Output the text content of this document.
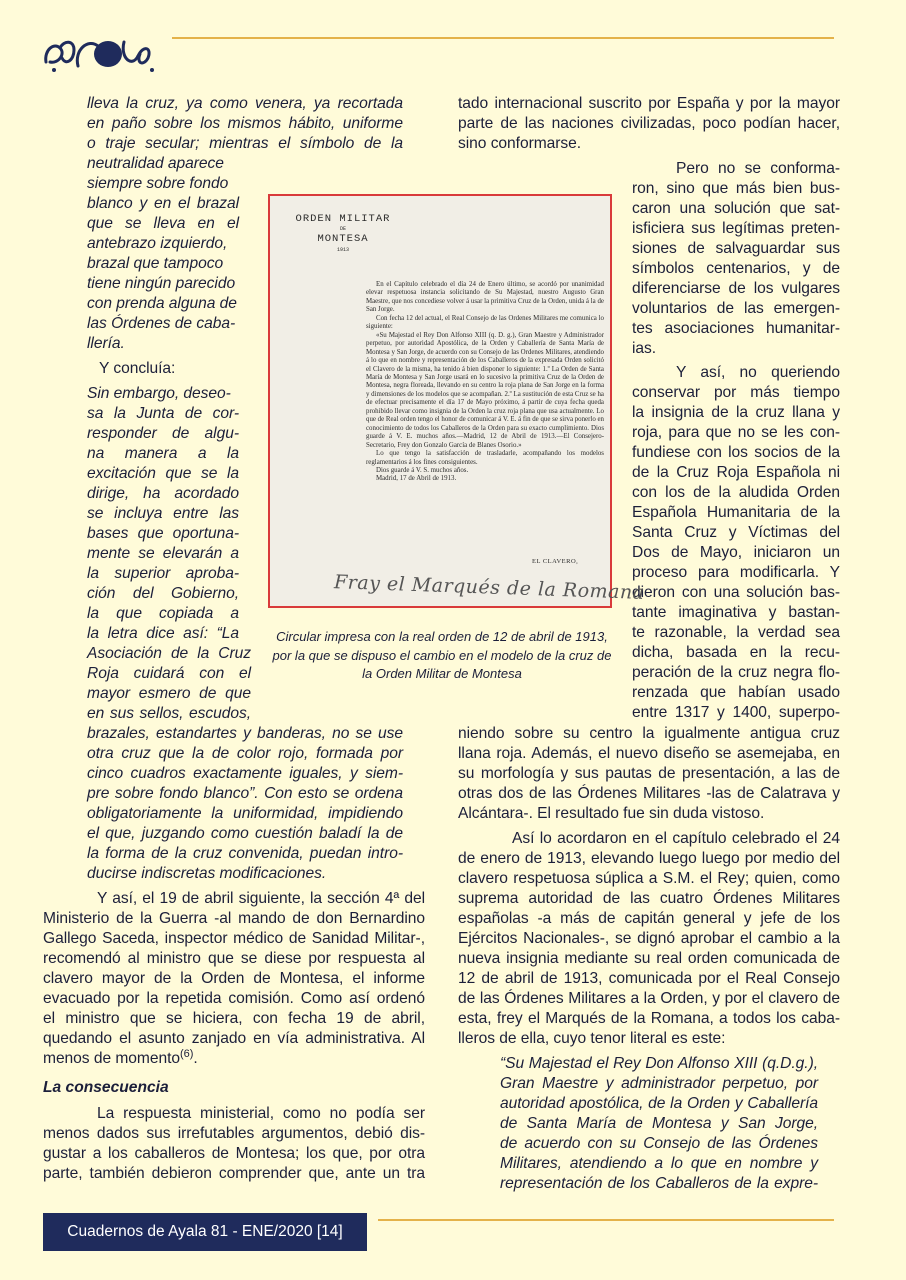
ayala
lleva la cruz, ya como venera, ya recortada
en paño sobre los mismos hábito, uniforme
o traje secular; mientras el símbolo de la
neutralidad aparece
siempre sobre fondo
blanco y en el brazal
que se lleva en el
antebrazo izquierdo,
brazal que tampoco
tiene ningún parecido
con prenda alguna de
las Órdenes de caba-
llería.
Y concluía:
Sin embargo, deseo-
sa la Junta de cor-
responder de algu-
na manera a la
excitación que se la
dirige, ha acordado
se incluya entre las
bases que oportuna-
mente se elevarán a
la superior aproba-
ción del Gobierno,
la que copiada a
la letra dice así: “La
Asociación de la Cruz
Roja cuidará con el
mayor esmero de que
en sus sellos, escudos,
brazales, estandartes y banderas, no se use
otra cruz que la de color rojo, formada por
cinco cuadros exactamente iguales, y siem-
pre sobre fondo blanco”. Con esto se ordena
obligatoriamente la uniformidad, impidiendo
el que, juzgando como cuestión baladí la de
la forma de la cruz convenida, puedan intro-
ducirse indiscretas modificaciones.
Y así, el 19 de abril siguiente, la sección 4ª del
Ministerio de la Guerra -al mando de don Bernardino
Gallego Saceda, inspector médico de Sanidad Militar-,
recomendó al ministro que se diese por respuesta al
clavero mayor de la Orden de Montesa, el informe
evacuado por la repetida comisión. Como así ordenó
el ministro que se hiciera, con fecha 19 de abril,
quedando el asunto zanjado en vía administrativa. Al
menos de momento$^{(6)}$.
La consecuencia
La respuesta ministerial, como no podía ser
menos dados sus irrefutables argumentos, debió dis-
gustar a los caballeros de Montesa; los que, por otra
parte, también debieron comprender que, ante un tra
tado internacional suscrito por España y por la mayor
parte de las naciones civilizadas, poco podían hacer,
sino conformarse.
Pero no se conforma-
ron, sino que más bien bus-
caron una solución que sat-
isficiera sus legítimas preten-
siones de salvaguardar sus
símbolos centenarios, y de
diferenciarse de los vulgares
voluntarios de las emergen-
tes asociaciones humanitar-
ias.
Y así, no queriendo
conservar por más tiempo
la insignia de la cruz llana y
roja, para que no se les con-
fundiese con los socios de la
de la Cruz Roja Española ni
con los de la aludida Orden
Española Humanitaria de la
Santa Cruz y Víctimas del
Dos de Mayo, iniciaron un
proceso para modificarla. Y
dieron con una solución bas-
tante imaginativa y bastan-
te razonable, la verdad sea
dicha, basada en la recu-
peración de la cruz negra flo-
renzada que habían usado
entre 1317 y 1400, superpo-
niendo sobre su centro la igualmente antigua cruz
llana roja. Además, el nuevo diseño se asemejaba, en
su morfología y sus pautas de presentación, a las de
otras dos de las Órdenes Militares -las de Calatrava y
Alcántara-. El resultado fue sin duda vistoso.
Así lo acordaron en el capítulo celebrado el 24
de enero de 1913, elevando luego luego por medio del
clavero respetuosa súplica a S.M. el Rey; quien, como
suprema autoridad de las cuatro Órdenes Militares
españolas -a más de capitán general y jefe de los
Ejércitos Nacionales-, se dignó aprobar el cambio a la
nueva insignia mediante su real orden comunicada de
12 de abril de 1913, comunicada por el Real Consejo
de las Órdenes Militares a la Orden, y por el clavero de
esta, frey el Marqués de la Romana, a todos los caba-
lleros de ella, cuyo tenor literal es este:
“Su Majestad el Rey Don Alfonso XIII (q.D.g.),
Gran Maestre y administrador perpetuo, por
autoridad apostólica, de la Orden y Caballería
de Santa María de Montesa y San Jorge,
de acuerdo con su Consejo de las Órdenes
Militares, atendiendo a lo que en nombre y
representación de los Caballeros de la expre-
ORDEN MILITAR
DE
MONTESA
1913

En el Capítulo celebrado el día 24 de Enero último, se acordó por unanimidad elevar respetuosa instancia solicitando de Su Majestad, nuestro Augusto Gran Maestre, que nos concediese volver á usar la primitiva Cruz de la Orden, unida á la de San Jorge.

Con fecha 12 del actual, el Real Consejo de las Ordenes Militares me comunica lo siguiente:

«Su Majestad el Rey Don Alfonso XIII (q. D. g.), Gran Maestre y Administrador perpetuo, por autoridad Apostólica, de la Orden y Caballería de Santa María de Montesa y San Jorge, de acuerdo con su Consejo de las Ordenes Militares, atendiendo á lo que en nombre y representación de los Caballeros de la expresada Orden solicitó el Clavero de la misma, ha tenido á bien disponer lo siguiente: 1.º La Orden de Santa María de Montesa y San Jorge usará en lo sucesivo la primitiva Cruz de la Orden de Montesa, negra floreada, llevando en su centro la roja plana de San Jorge en la forma y dimensiones de los modelos que se acompañan. 2.º La sustitución de esta Cruz se ha de efectuar precisamente el día 17 de Mayo próximo, á partir de cuya fecha queda prohibido llevar como insignia de la Orden la cruz roja plana que usa actualmente. Lo que de Real orden tengo el honor de comunicar á V. E. á fin de que se sirva ponerlo en conocimiento de todos los Caballeros de la Orden para su exacto cumplimiento. Dios guarde á V. E. muchos años.—Madrid, 12 de Abril de 1913.—El Consejero-Secretario, Frey don Gonzalo García de Blanes Osorio.»

Lo que tengo la satisfacción de trasladarle, acompañando los modelos reglamentarios á los fines consiguientes.

Dios guarde á V. S. muchos años.

Madrid, 17 de Abril de 1913.

EL CLAVERO,
Fray el Marqués de la Romana
Circular impresa con la real orden de 12 de abril de 1913, por la que se dispuso el cambio en el modelo de la cruz de la Orden Militar de Montesa
Cuadernos de Ayala 81 - ENE/2020 [14]
